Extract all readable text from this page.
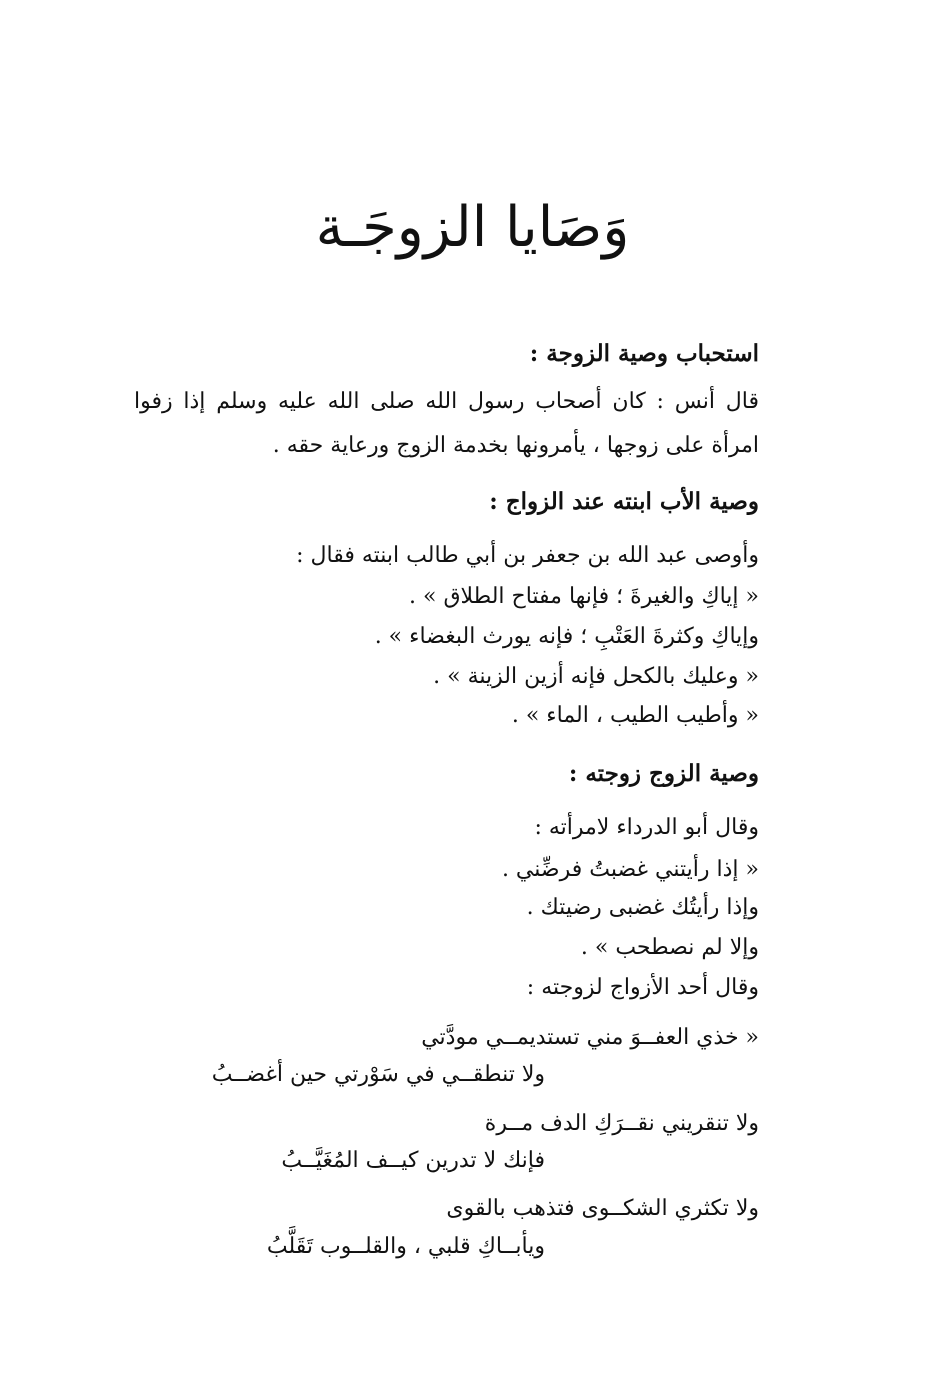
وَصَايا الزوجَـة
استحباب وصية الزوجة :
قال أنس : كان أصحاب رسول الله صلى الله عليه وسلم إذا زفوا امرأة على زوجها ، يأمرونها بخدمة الزوج ورعاية حقه .
وصية الأب ابنته عند الزواج :
وأوصى عبد الله بن جعفر بن أبي طالب ابنته فقال :
« إياكِ والغيرةَ ؛ فإنها مفتاح الطلاق » .
وإياكِ وكثرةَ العَتْبِ ؛ فإنه يورث البغضاء » .
« وعليك بالكحل فإنه أزين الزينة » .
« وأطيب الطيب ، الماء » .
وصية الزوج زوجته :
وقال أبو الدرداء لامرأته :
« إذا رأيتني غضبتُ فرضِّني .
وإذا رأيتُك غضبى رضيتك .
وإلا لم نصطحب » .
وقال أحد الأزواج لزوجته :
« خذي العفــوَ مني تستديمــي مودَّتي
ولا تنطقــي في سَوْرتي حين أغضــبُ
ولا تنقريني نقــرَكِ الدف مــرة
فإنك لا تدرين كيــف المُغَيَّــبُ
ولا تكثري الشكــوى فتذهب بالقوى
ويأبــاكِ قلبي ، والقلــوب تَقَلَّبُ
